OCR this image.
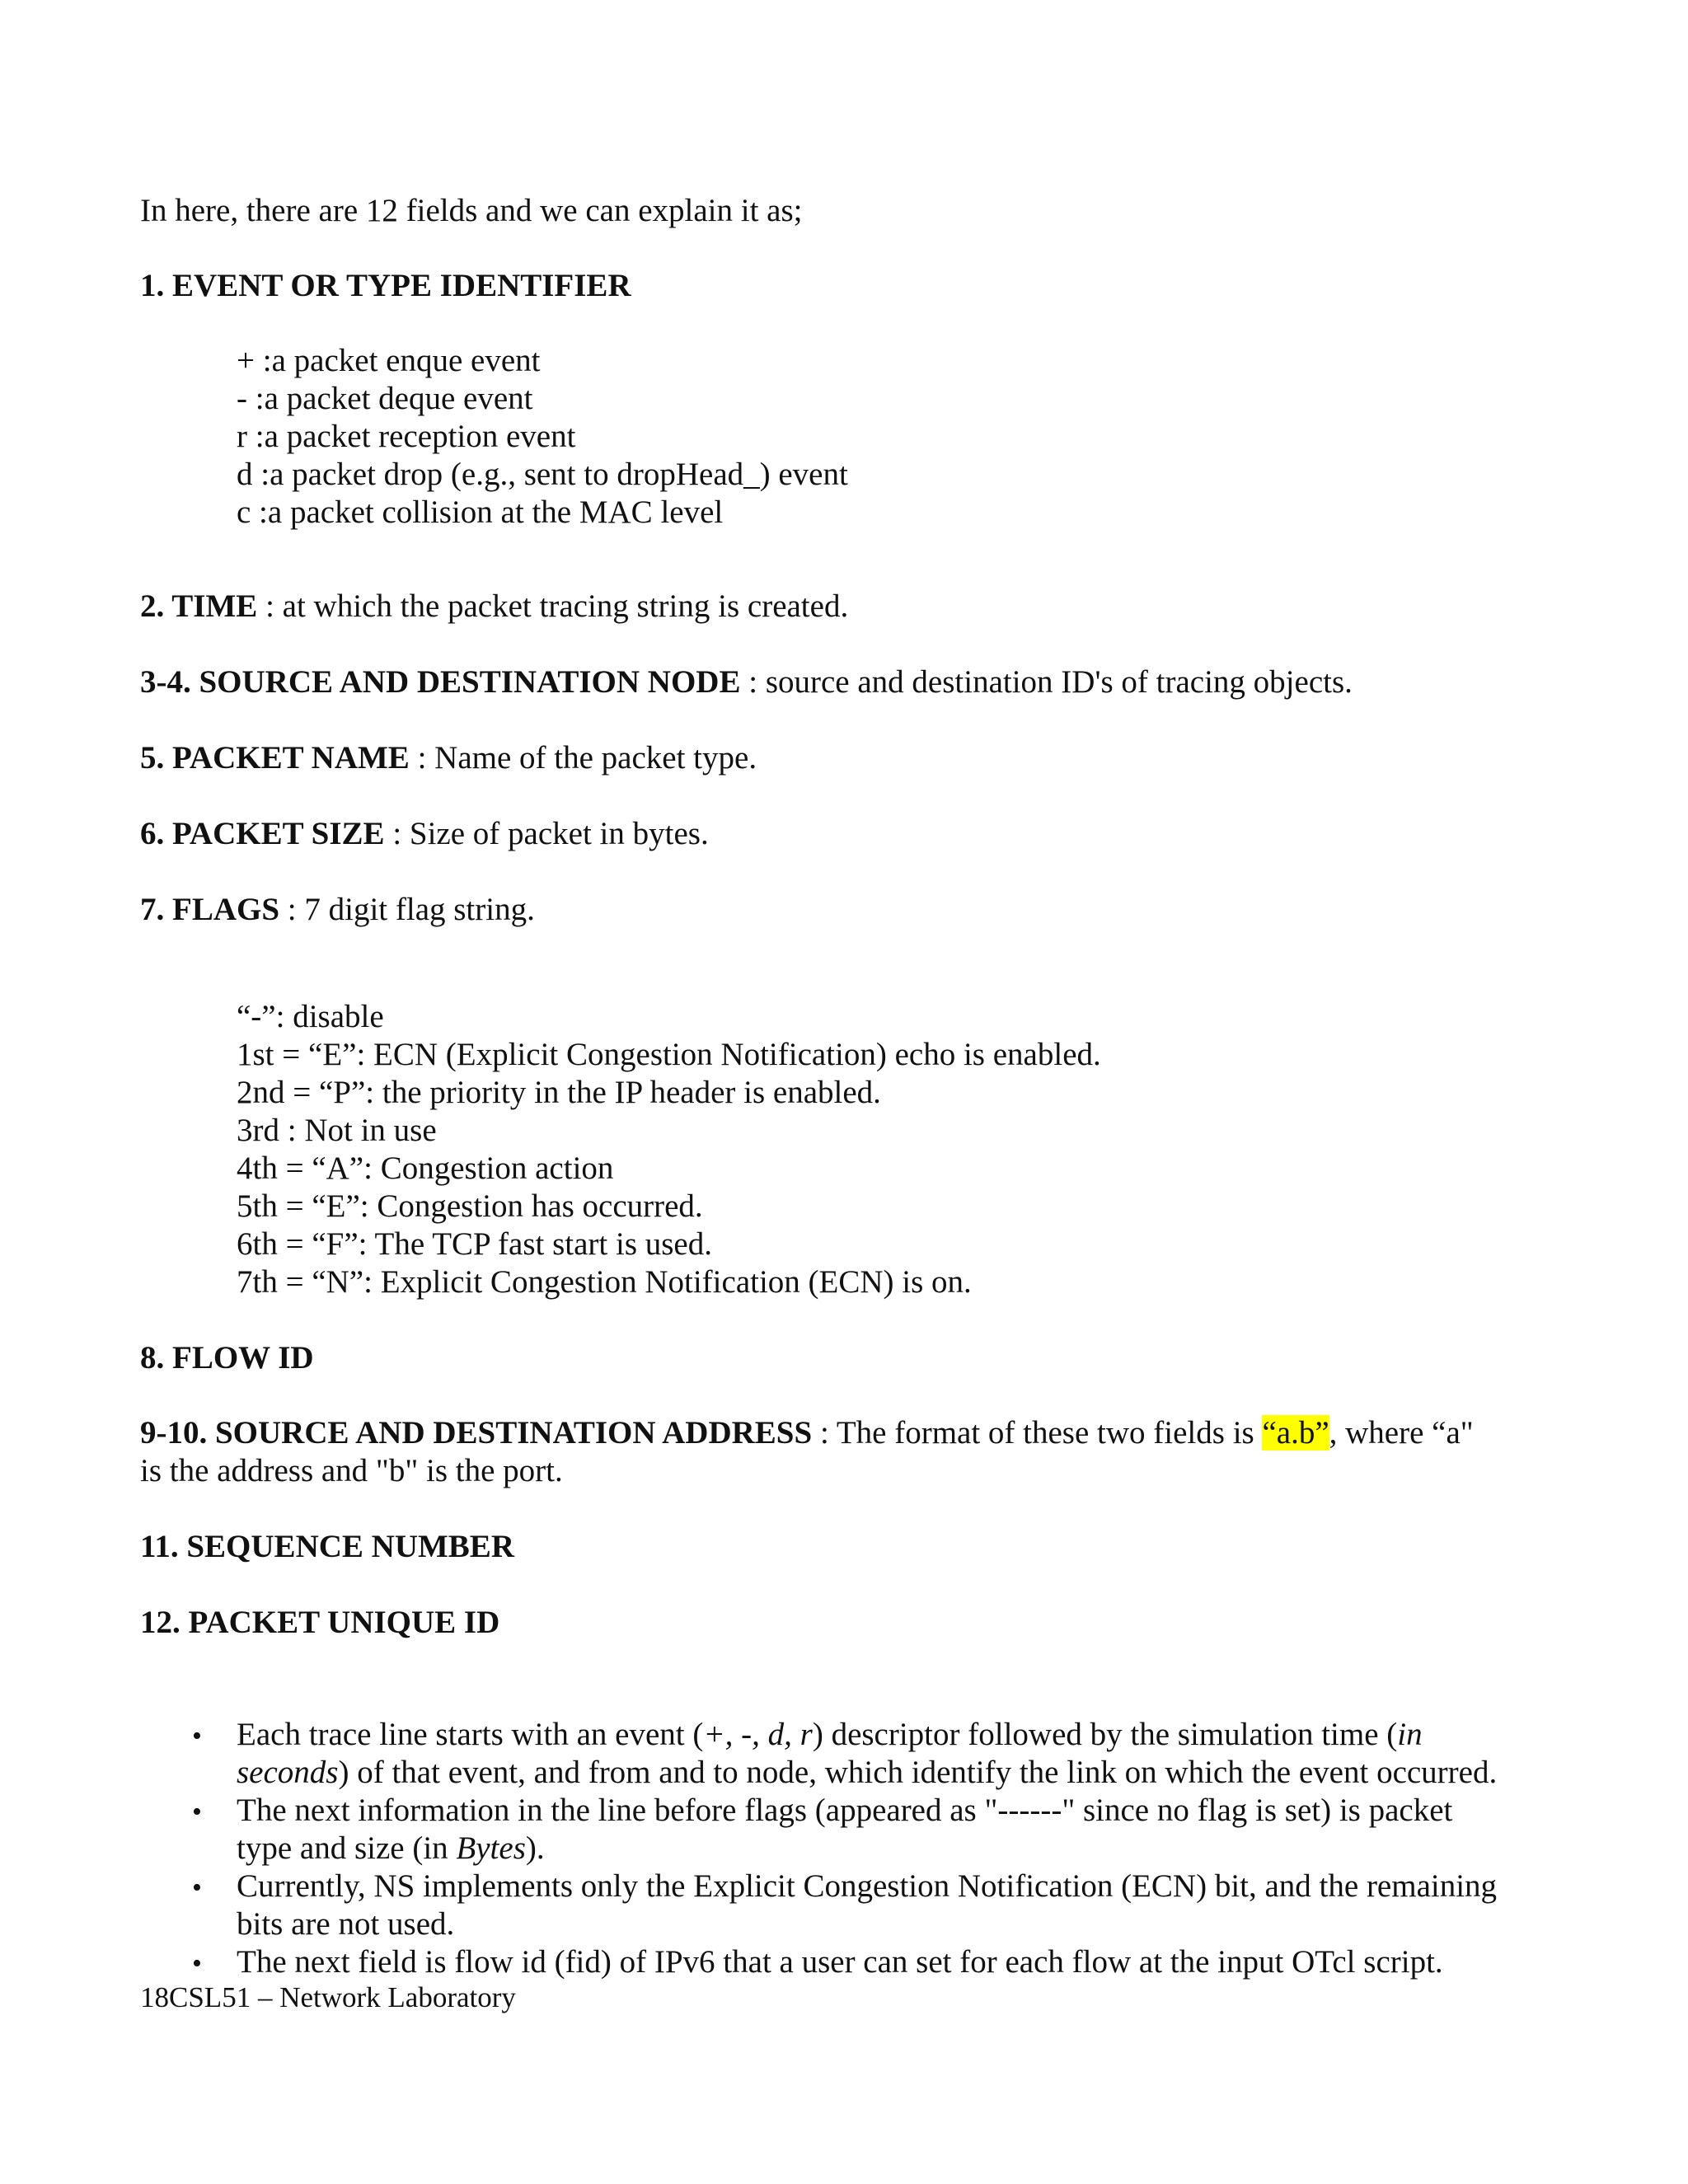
In here, there are 12 fields and we can explain it as;
1. EVENT OR TYPE IDENTIFIER
+ :a packet enque event
- :a packet deque event
r :a packet reception event
d :a packet drop (e.g., sent to dropHead_) event
c :a packet collision at the MAC level
2. TIME : at which the packet tracing string is created.
3-4. SOURCE AND DESTINATION NODE : source and destination ID's of tracing objects.
5. PACKET NAME : Name of the packet type.
6. PACKET SIZE : Size of packet in bytes.
7. FLAGS : 7 digit flag string.
“-”: disable
1st = “E”: ECN (Explicit Congestion Notification) echo is enabled.
2nd = “P”: the priority in the IP header is enabled.
3rd : Not in use
4th = “A”: Congestion action
5th = “E”: Congestion has occurred.
6th = “F”: The TCP fast start is used.
7th = “N”: Explicit Congestion Notification (ECN) is on.
8. FLOW ID
9-10. SOURCE AND DESTINATION ADDRESS : The format of these two fields is “a.b”, where “a"
is the address and "b" is the port.
11. SEQUENCE NUMBER
12. PACKET UNIQUE ID
• Each trace line starts with an event (+, -, d, r) descriptor followed by the simulation time (in
seconds) of that event, and from and to node, which identify the link on which the event occurred.
• The next information in the line before flags (appeared as "------" since no flag is set) is packet
type and size (in Bytes).
• Currently, NS implements only the Explicit Congestion Notification (ECN) bit, and the remaining
bits are not used.
• The next field is flow id (fid) of IPv6 that a user can set for each flow at the input OTcl script.
18CSL51 – Network Laboratory
